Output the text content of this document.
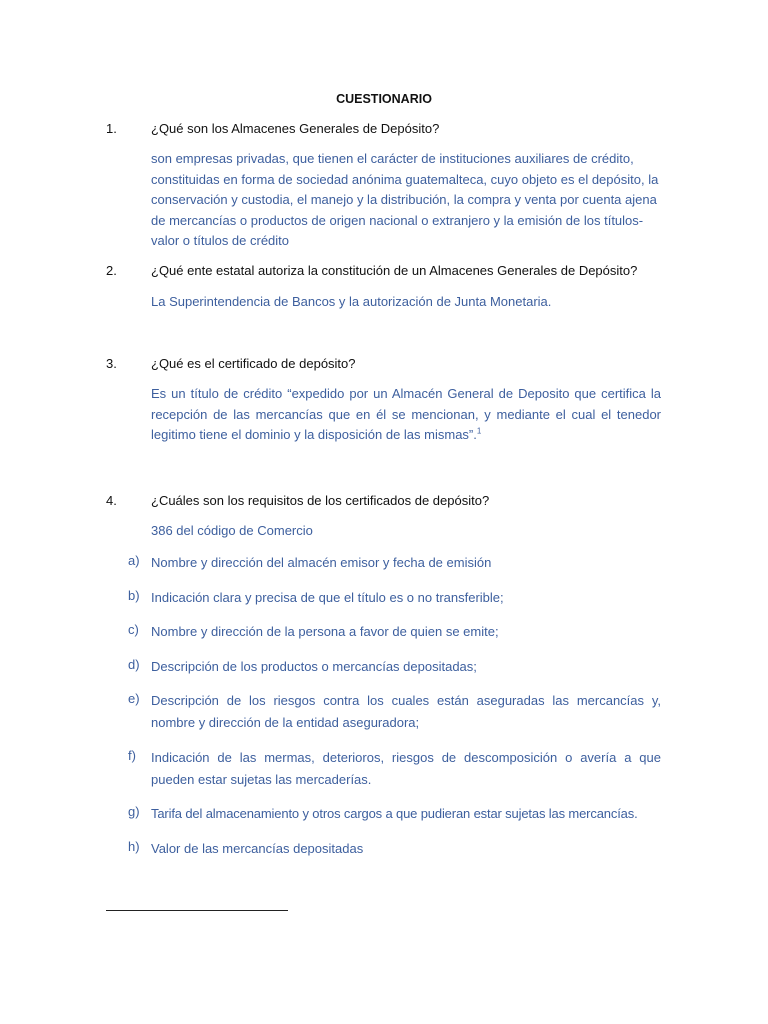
CUESTIONARIO
1.	¿Qué son los Almacenes Generales de Depósito?
son empresas privadas, que tienen el carácter de instituciones auxiliares de crédito, constituidas en forma de sociedad anónima guatemalteca, cuyo objeto es el depósito, la conservación y custodia, el manejo y la distribución, la compra y venta por cuenta ajena de mercancías o productos de origen nacional o extranjero y la emisión de los títulos-valor o títulos de crédito
2.	¿Qué ente estatal autoriza la constitución de un Almacenes Generales de Depósito?
La Superintendencia de Bancos y la autorización de Junta Monetaria.
3.	¿Qué es el certificado de depósito?
Es un título de crédito “expedido por un Almacén General de Deposito que certifica la recepción de las mercancías que en él se mencionan, y mediante el cual el tenedor legitimo tiene el dominio y la disposición de las mismas”.$^1$
4.	¿Cuáles son los requisitos de los certificados de depósito?
386 del código de Comercio
a) Nombre y dirección del almacén emisor y fecha de emisión
b) Indicación clara y precisa de que el título es o no transferible;
c) Nombre y dirección de la persona a favor de quien se emite;
d) Descripción de los productos o mercancías depositadas;
e) Descripción de los riesgos contra los cuales están aseguradas las mercancías y, nombre y dirección de la entidad aseguradora;
f)	Indicación de las mermas, deterioros, riesgos de descomposición o avería a que pueden estar sujetas las mercaderías.
g) Tarifa del almacenamiento y otros cargos a que pudieran estar sujetas las mercancías.
h) Valor de las mercancías depositadas
